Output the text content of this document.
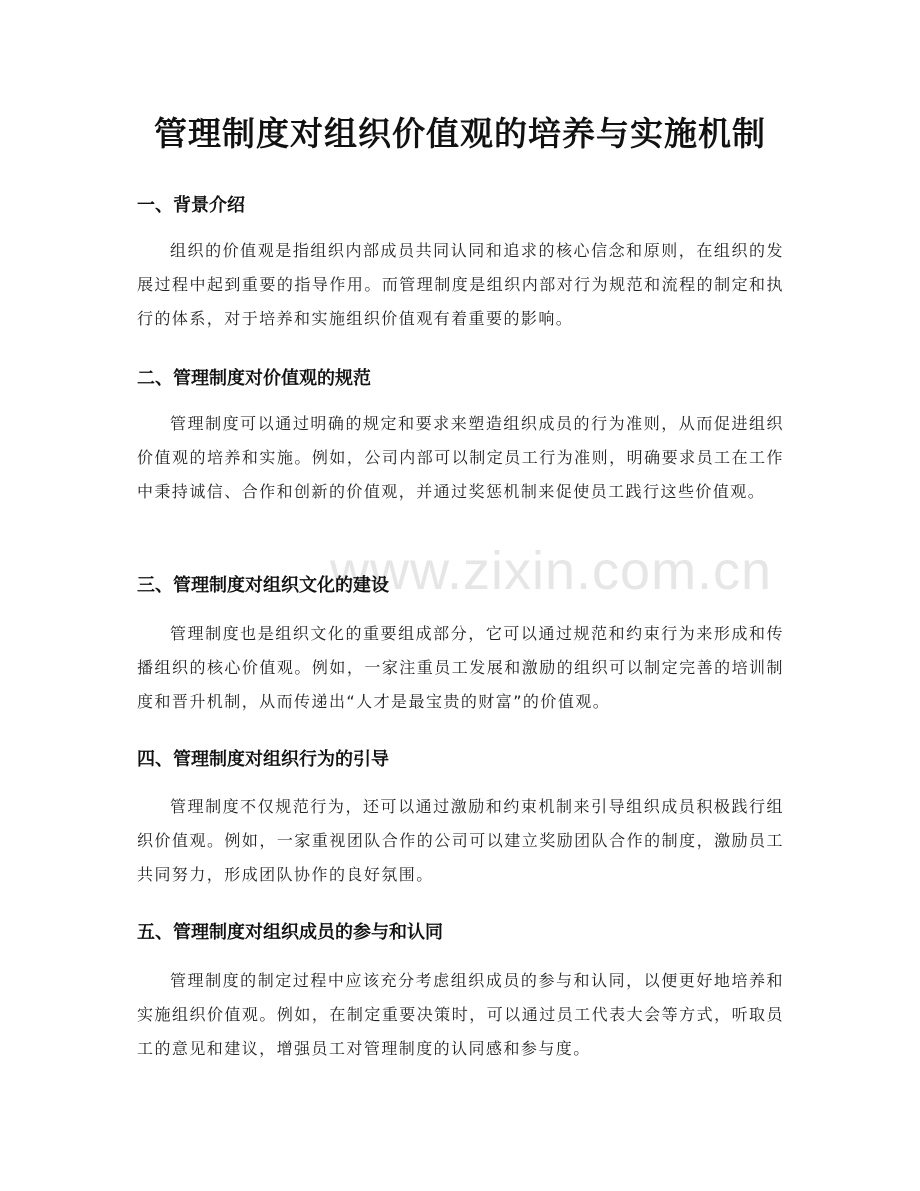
www.zixin.com.cn
管理制度对组织价值观的培养与实施机制
一、背景介绍

组织的价值观是指组织内部成员共同认同和追求的核心信念和原则，在组织的发展过程中起到重要的指导作用。而管理制度是组织内部对行为规范和流程的制定和执行的体系，对于培养和实施组织价值观有着重要的影响。

二、管理制度对价值观的规范

管理制度可以通过明确的规定和要求来塑造组织成员的行为准则，从而促进组织价值观的培养和实施。例如，公司内部可以制定员工行为准则，明确要求员工在工作中秉持诚信、合作和创新的价值观，并通过奖惩机制来促使员工践行这些价值观。

三、管理制度对组织文化的建设

管理制度也是组织文化的重要组成部分，它可以通过规范和约束行为来形成和传播组织的核心价值观。例如，一家注重员工发展和激励的组织可以制定完善的培训制度和晋升机制，从而传递出“人才是最宝贵的财富”的价值观。

四、管理制度对组织行为的引导

管理制度不仅规范行为，还可以通过激励和约束机制来引导组织成员积极践行组织价值观。例如，一家重视团队合作的公司可以建立奖励团队合作的制度，激励员工共同努力，形成团队协作的良好氛围。

五、管理制度对组织成员的参与和认同

管理制度的制定过程中应该充分考虑组织成员的参与和认同，以便更好地培养和实施组织价值观。例如，在制定重要决策时，可以通过员工代表大会等方式，听取员工的意见和建议，增强员工对管理制度的认同感和参与度。
